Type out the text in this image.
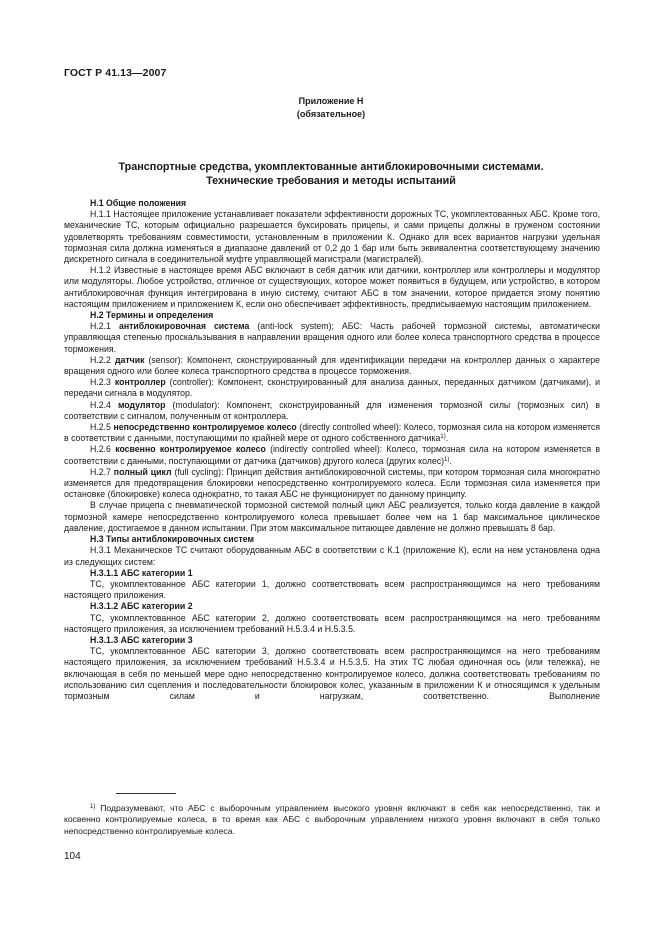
ГОСТ Р 41.13—2007
Приложение Н
(обязательное)
Транспортные средства, укомплектованные антиблокировочными системами.
Технические требования и методы испытаний

Н.1 Общие положения

Н.1.1 Настоящее приложение устанавливает показатели эффективности дорожных ТС, укомплектованных АБС. Кроме того, механические ТС, которым официально разрешается буксировать прицепы, и сами прицепы должны в груженом состоянии удовлетворять требованиям совместимости, установленным в приложении К. Однако для всех вариантов нагрузки удельная тормозная сила должна изменяться в диапазоне давлений от 0,2 до 1 бар или быть эквивалентна соответствующему значению дискретного сигнала в соединительной муфте управляющей магистрали (магистралей).

Н.1.2 Известные в настоящее время АБС включают в себя датчик или датчики, контроллер или контроллеры и модулятор или модуляторы. Любое устройство, отличное от существующих, которое может появиться в будущем, или устройство, в котором антиблокировочная функция интегрирована в иную систему, считают АБС в том значении, которое придается этому понятию настоящим приложением и приложением К, если оно обеспечивает эффективность, предписываемую настоящим приложением.

Н.2 Термины и определения

Н.2.1 антиблокировочная система (anti-lock system); АБС: Часть рабочей тормозной системы, автоматически управляющая степенью проскальзывания в направлении вращения одного или более колеса транспортного средства в процессе торможения.

Н.2.2 датчик (sensor): Компонент, сконструированный для идентификации передачи на контроллер данных о характере вращения одного или более колеса транспортного средства в процессе торможения.

Н.2.3 контроллер (controller): Компонент, сконструированный для анализа данных, переданных датчиком (датчиками), и передачи сигнала в модулятор.

Н.2.4 модулятор (modulator): Компонент, сконструированный для изменения тормозной силы (тормозных сил) в соответствии с сигналом, полученным от контроллера.

Н.2.5 непосредственно контролируемое колесо (directly controlled wheel): Колесо, тормозная сила на котором изменяется в соответствии с данными, поступающими по крайней мере от одного собственного датчика$^{1)}$.

Н.2.6 косвенно контролируемое колесо (indirectly controlled wheel): Колесо, тормозная сила на котором изменяется в соответствии с данными, поступающими от датчика (датчиков) другого колеса (других колес)$^{1)}$.

Н.2.7 полный цикл (full cycling): Принцип действия антиблокировочной системы, при котором тормозная сила многократно изменяется для предотвращения блокировки непосредственно контролируемого колеса. Если тормозная сила изменяется при остановке (блокировке) колеса однократно, то такая АБС не функционирует по данному принципу.

В случае прицепа с пневматической тормозной системой полный цикл АБС реализуется, только когда давление в каждой тормозной камере непосредственно контролируемого колеса превышает более чем на 1 бар максимальное циклическое давление, достигаемое в данном испытании. При этом максимальное питающее давление не должно превышать 8 бар.

Н.3 Типы антиблокировочных систем

Н.3.1 Механическое ТС считают оборудованным АБС в соответствии с К.1 (приложение К), если на нем установлена одна из следующих систем:

Н.3.1.1 АБС категории 1

ТС, укомплектованное АБС категории 1, должно соответствовать всем распространяющимся на него требованиям настоящего приложения.

Н.3.1.2 АБС категории 2

ТС, укомплектованное АБС категории 2, должно соответствовать всем распространяющимся на него требованиям настоящего приложения, за исключением требований Н.5.3.4 и Н.5.3.5.

Н.3.1.3 АБС категории 3

ТС, укомплектованное АБС категории 3, должно соответствовать всем распространяющимся на него требованиям настоящего приложения, за исключением требований Н.5.3.4 и Н.5.3.5. На этих ТС любая одиночная ось (или тележка), не включающая в себя по меньшей мере одно непосредственно контролируемое колесо, должна соответствовать требованиям по использованию сил сцепления и последовательности блокировок колес, указанным в приложении К и относящимся к удельным тормозным силам и нагрузкам, соответственно. Выполнение

$^{1)}$ Подразумевают, что АБС с выборочным управлением высокого уровня включают в себя как непосредственно, так и косвенно контролируемые колеса, в то время как АБС с выборочным управлением низкого уровня включают в себя только непосредственно контролируемые колеса.

104
